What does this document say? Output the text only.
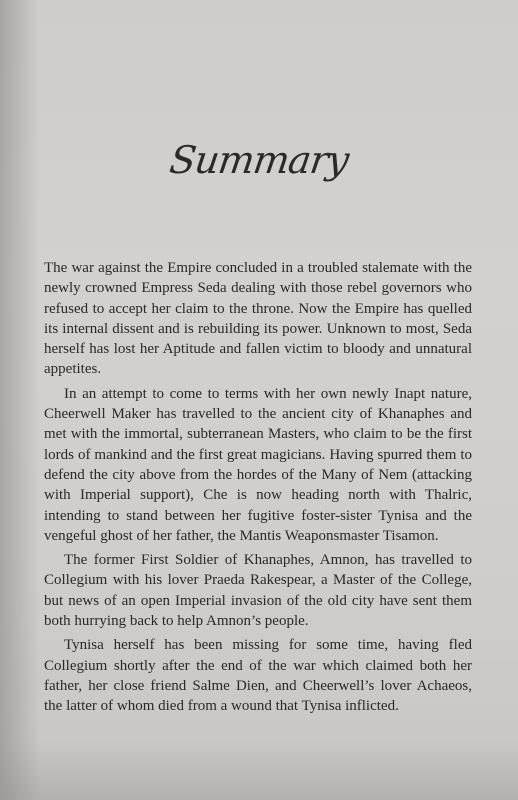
Summary

The war against the Empire concluded in a troubled stalemate with the newly crowned Empress Seda dealing with those rebel governors who refused to accept her claim to the throne. Now the Empire has quelled its internal dissent and is rebuilding its power. Unknown to most, Seda herself has lost her Aptitude and fallen victim to bloody and unnatural appetites.

In an attempt to come to terms with her own newly Inapt nature, Cheerwell Maker has travelled to the ancient city of Khanaphes and met with the immortal, subterranean Masters, who claim to be the first lords of mankind and the first great magicians. Having spurred them to defend the city above from the hordes of the Many of Nem (attacking with Imperial support), Che is now heading north with Thalric, intending to stand between her fugitive foster-sister Tynisa and the vengeful ghost of her father, the Mantis Weaponsmaster Tisamon.

The former First Soldier of Khanaphes, Amnon, has travelled to Collegium with his lover Praeda Rakespear, a Master of the College, but news of an open Imperial invasion of the old city have sent them both hurrying back to help Amnon’s people.

Tynisa herself has been missing for some time, having fled Collegium shortly after the end of the war which claimed both her father, her close friend Salme Dien, and Cheerwell’s lover Achaeos, the latter of whom died from a wound that Tynisa inflicted.
